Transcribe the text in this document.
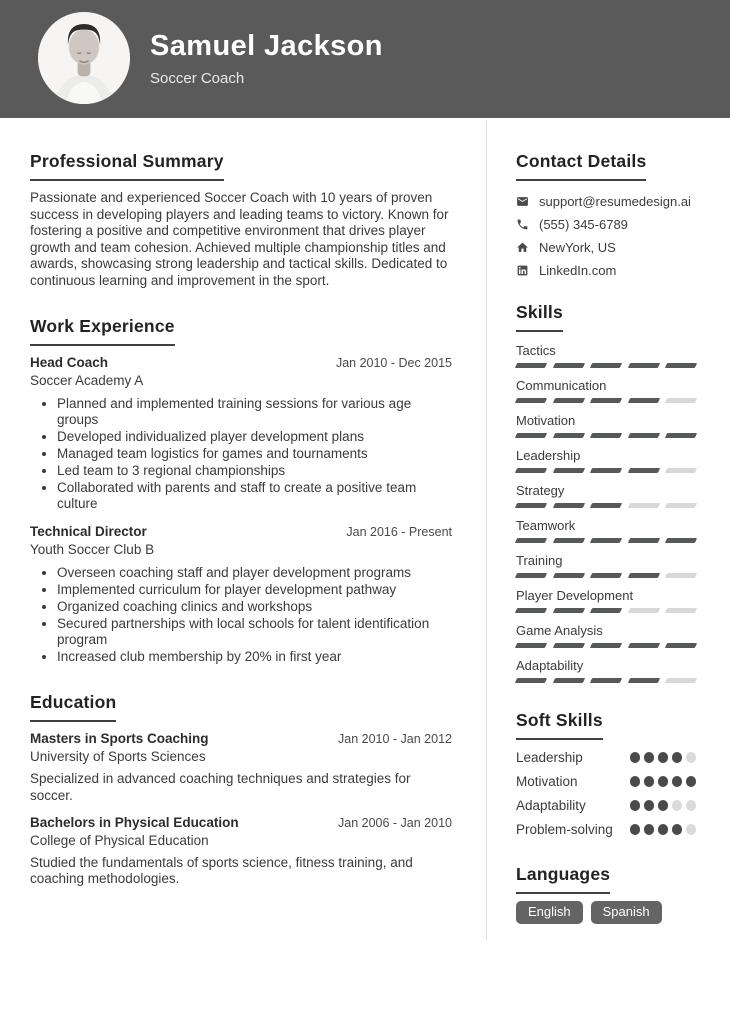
Samuel Jackson
Soccer Coach
Professional Summary

Passionate and experienced Soccer Coach with 10 years of proven success in developing players and leading teams to victory. Known for fostering a positive and competitive environment that drives player growth and team cohesion. Achieved multiple championship titles and awards, showcasing strong leadership and tactical skills. Dedicated to continuous learning and improvement in the sport.

Work Experience
Head Coach	Jan 2010 - Dec 2015
Soccer Academy A
• Planned and implemented training sessions for various age groups
• Developed individualized player development plans
• Managed team logistics for games and tournaments
• Led team to 3 regional championships
• Collaborated with parents and staff to create a positive team culture
Technical Director	Jan 2016 - Present
Youth Soccer Club B
• Overseen coaching staff and player development programs
• Implemented curriculum for player development pathway
• Organized coaching clinics and workshops
• Secured partnerships with local schools for talent identification program
• Increased club membership by 20% in first year
Education
Masters in Sports Coaching	Jan 2010 - Jan 2012
University of Sports Sciences
Specialized in advanced coaching techniques and strategies for soccer.
Bachelors in Physical Education	Jan 2006 - Jan 2010
College of Physical Education
Studied the fundamentals of sports science, fitness training, and coaching methodologies.
Contact Details
support@resumedesign.ai
(555) 345-6789
NewYork, US
LinkedIn.com
Skills
Tactics
Communication
Motivation
Leadership
Strategy
Teamwork
Training
Player Development
Game Analysis
Adaptability
Soft Skills
Leadership
Motivation
Adaptability
Problem-solving
Languages
English	Spanish
